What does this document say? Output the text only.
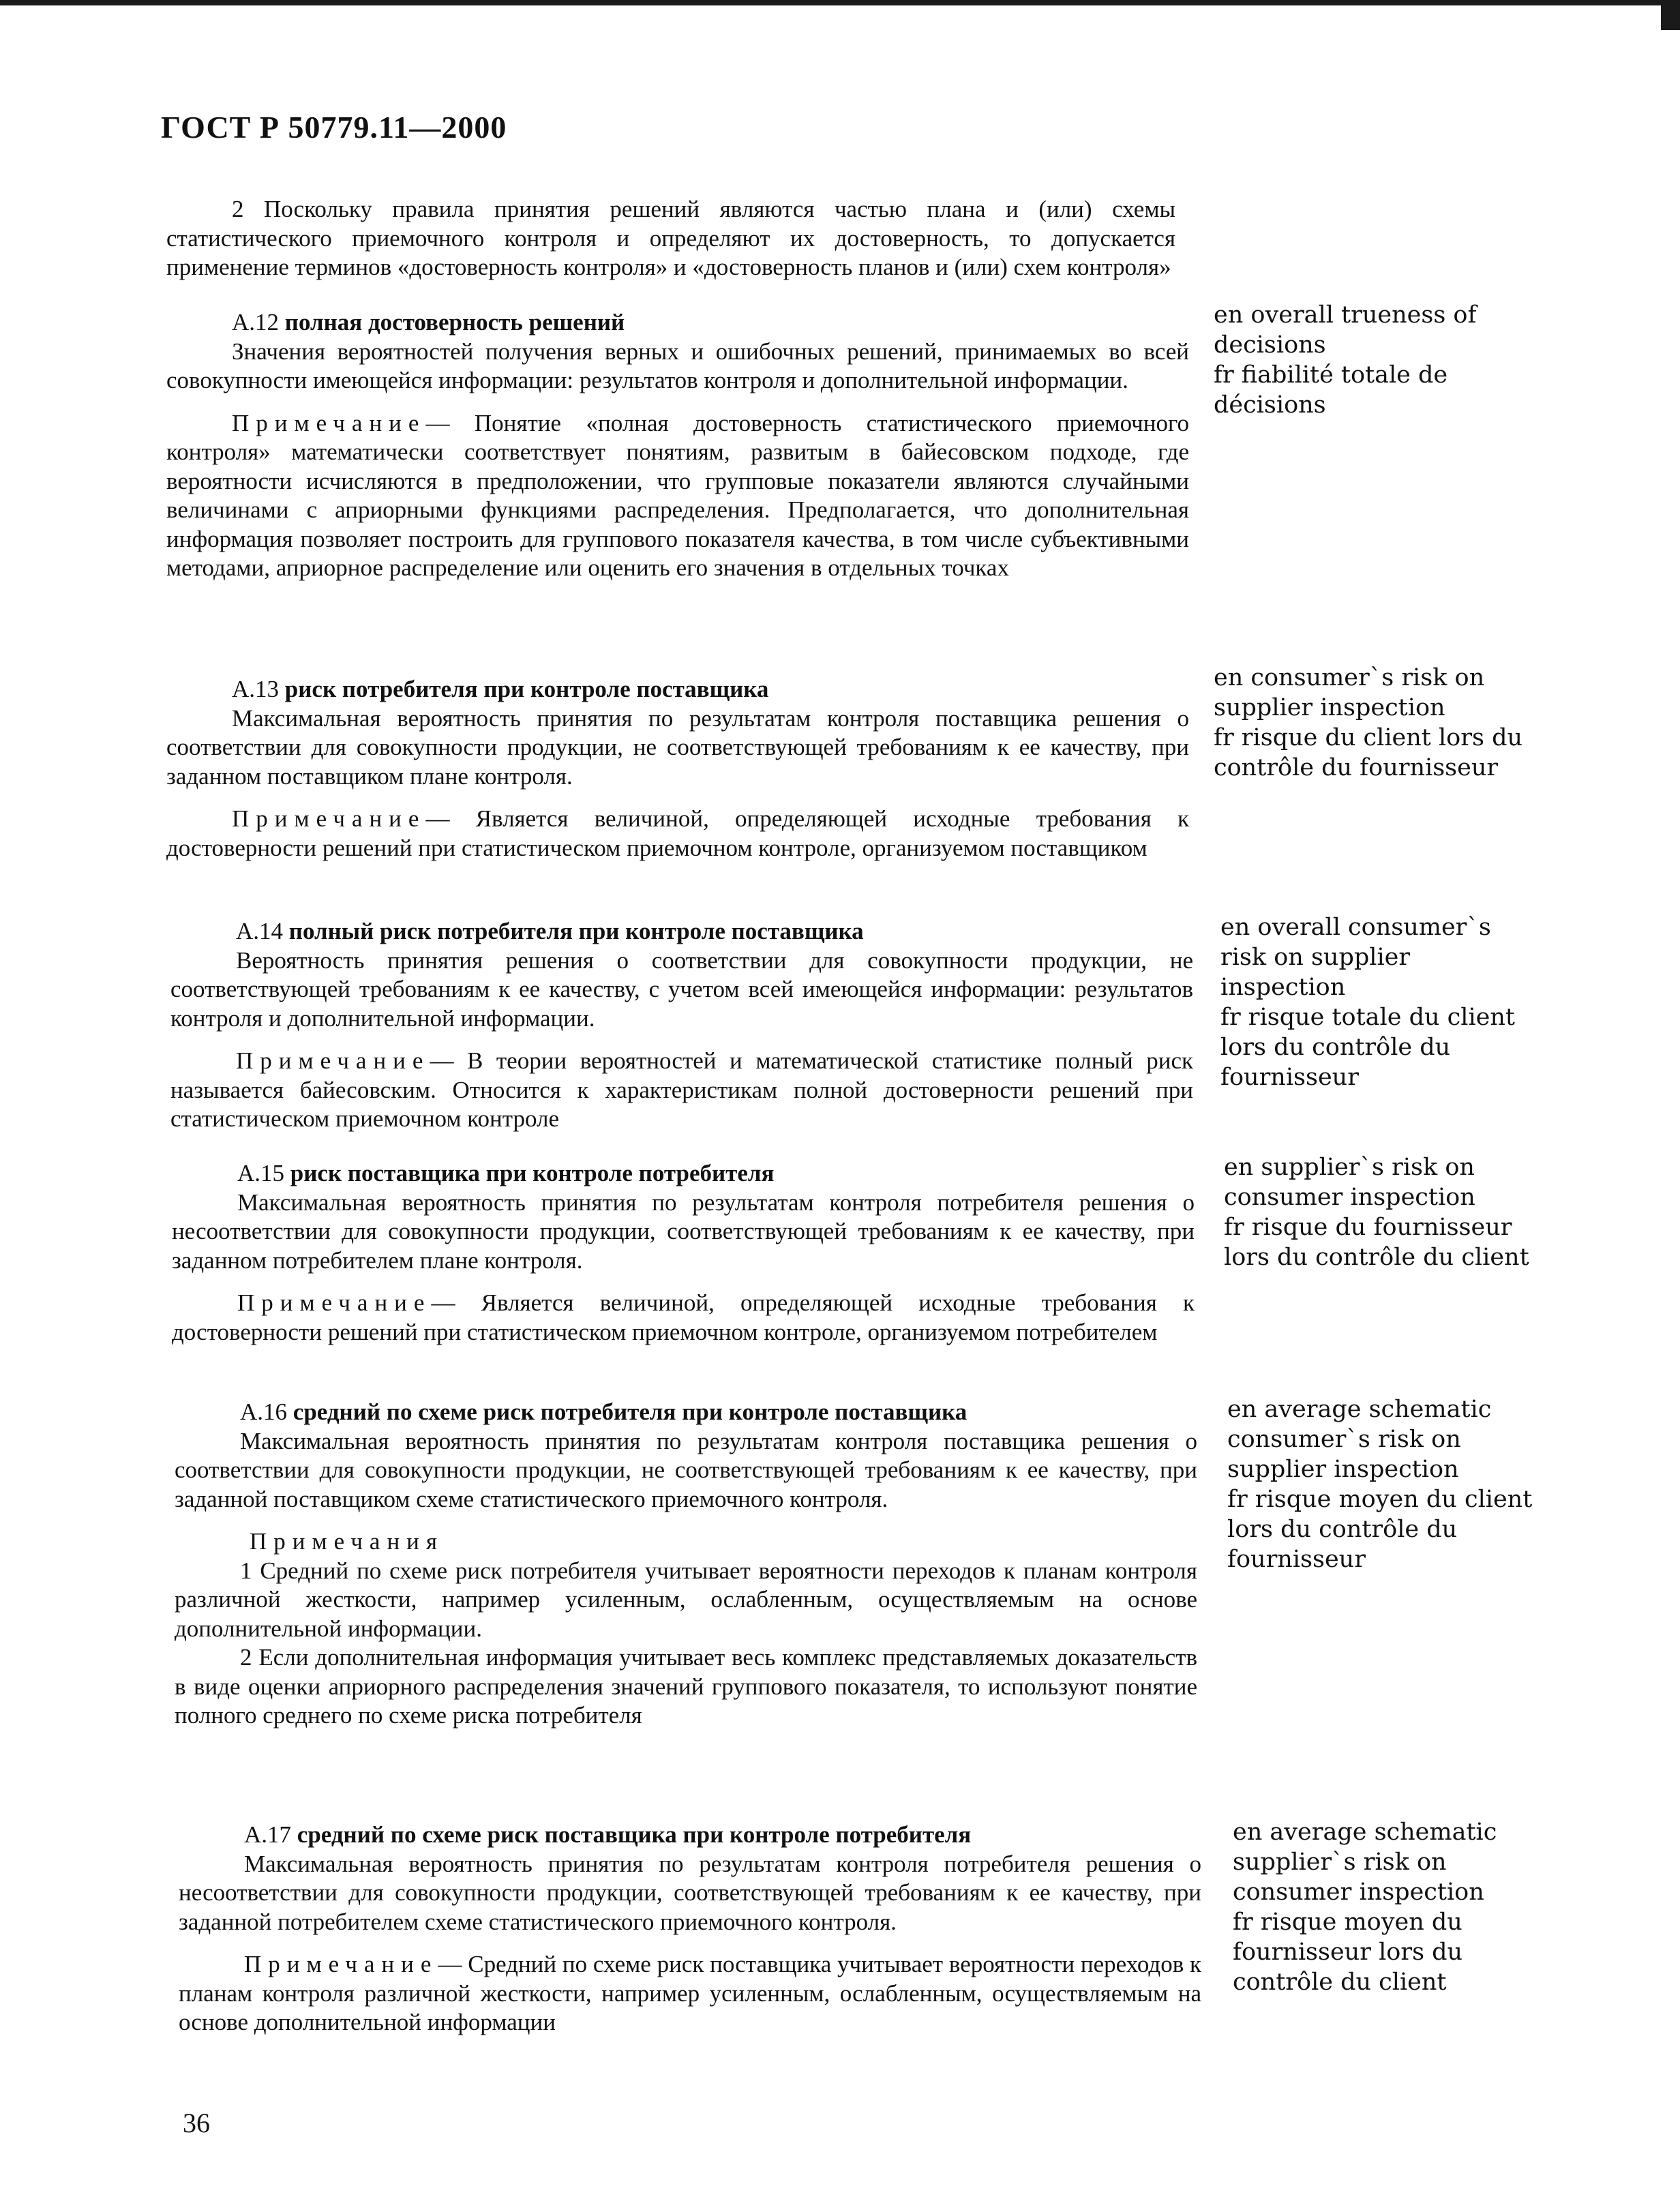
ГОСТ Р 50779.11—2000

2 Поскольку правила принятия решений являются частью плана и (или) схемы статистического приемочного контроля и определяют их достоверность, то допускается применение терминов «достоверность контроля» и «достоверность планов и (или) схем контроля»

А.12 полная достоверность решений

Значения вероятностей получения верных и ошибочных решений, принимаемых во всей совокупности имеющейся информации: результатов контроля и дополнительной информации.

Примечание— Понятие «полная достоверность статистического приемочного контроля» математически соответствует понятиям, развитым в байесовском подходе, где вероятности исчисляются в предположении, что групповые показатели являются случайными величинами с априорными функциями распределения. Предполагается, что дополнительная информация позволяет построить для группового показателя качества, в том числе субъективными методами, априорное распределение или оценить его значения в отдельных точках

en overall trueness of decisions
fr fiabilité totale de décisions

А.13 риск потребителя при контроле поставщика

Максимальная вероятность принятия по результатам контроля поставщика решения о соответствии для совокупности продукции, не соответствующей требованиям к ее качеству, при заданном поставщиком плане контроля.

Примечание— Является величиной, определяющей исходные требования к достоверности решений при статистическом приемочном контроле, организуемом поставщиком

en consumer`s risk on supplier inspection
fr risque du client lors du contrôle du fournisseur

А.14 полный риск потребителя при контроле поставщика

Вероятность принятия решения о соответствии для совокупности продукции, не соответствующей требованиям к ее качеству, с учетом всей имеющейся информации: результатов контроля и дополнительной информации.

Примечание— В теории вероятностей и математической статистике полный риск называется байесовским. Относится к характеристикам полной достоверности решений при статистическом приемочном контроле

en overall consumer`s risk on supplier inspection
fr risque totale du client lors du contrôle du fournisseur

А.15 риск поставщика при контроле потребителя

Максимальная вероятность принятия по результатам контроля потребителя решения о несоответствии для совокупности продукции, соответствующей требованиям к ее качеству, при заданном потребителем плане контроля.

Примечание— Является величиной, определяющей исходные требования к достоверности решений при статистическом приемочном контроле, организуемом потребителем

en supplier`s risk on consumer inspection
fr risque du fournisseur lors du contrôle du client

А.16 средний по схеме риск потребителя при контроле поставщика

Максимальная вероятность принятия по результатам контроля поставщика решения о соответствии для совокупности продукции, не соответствующей требованиям к ее качеству, при заданной поставщиком схеме статистического приемочного контроля.

Примечания

1 Средний по схеме риск потребителя учитывает вероятности переходов к планам контроля различной жесткости, например усиленным, ослабленным, осуществляемым на основе дополнительной информации.

2 Если дополнительная информация учитывает весь комплекс представляемых доказательств в виде оценки априорного распределения значений группового показателя, то используют понятие полного среднего по схеме риска потребителя

en average schematic consumer`s risk on supplier inspection
fr risque moyen du client lors du contrôle du fournisseur

А.17 средний по схеме риск поставщика при контроле потребителя

Максимальная вероятность принятия по результатам контроля потребителя решения о несоответствии для совокупности продукции, соответствующей требованиям к ее качеству, при заданной потребителем схеме статистического приемочного контроля.

Примечание— Средний по схеме риск поставщика учитывает вероятности переходов к планам контроля различной жесткости, например усиленным, ослабленным, осуществляемым на основе дополнительной информации

en average schematic supplier`s risk on consumer inspection
fr risque moyen du fournisseur lors du contrôle du client
36
